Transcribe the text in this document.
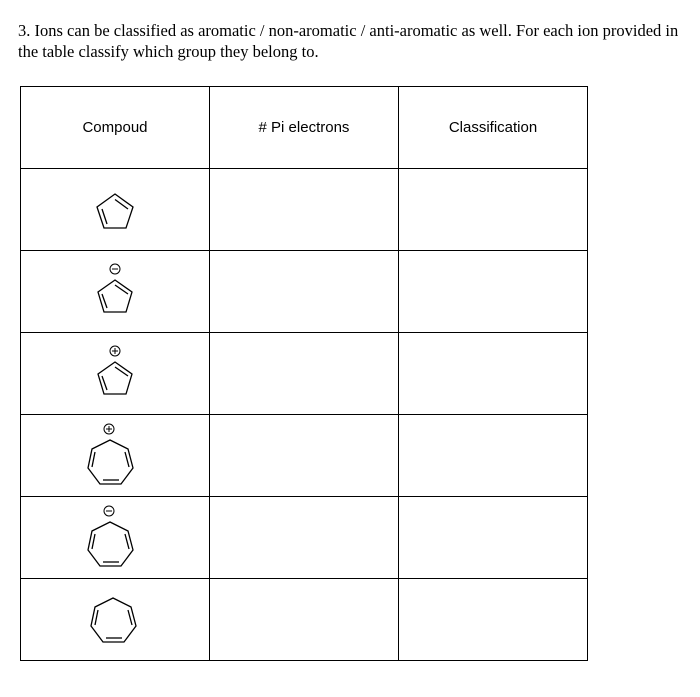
3. Ions can be classified as aromatic / non-aromatic / anti-aromatic as well. For each ion provided in the table classify which group they belong to.

Compoud	# Pi electrons	Classification
